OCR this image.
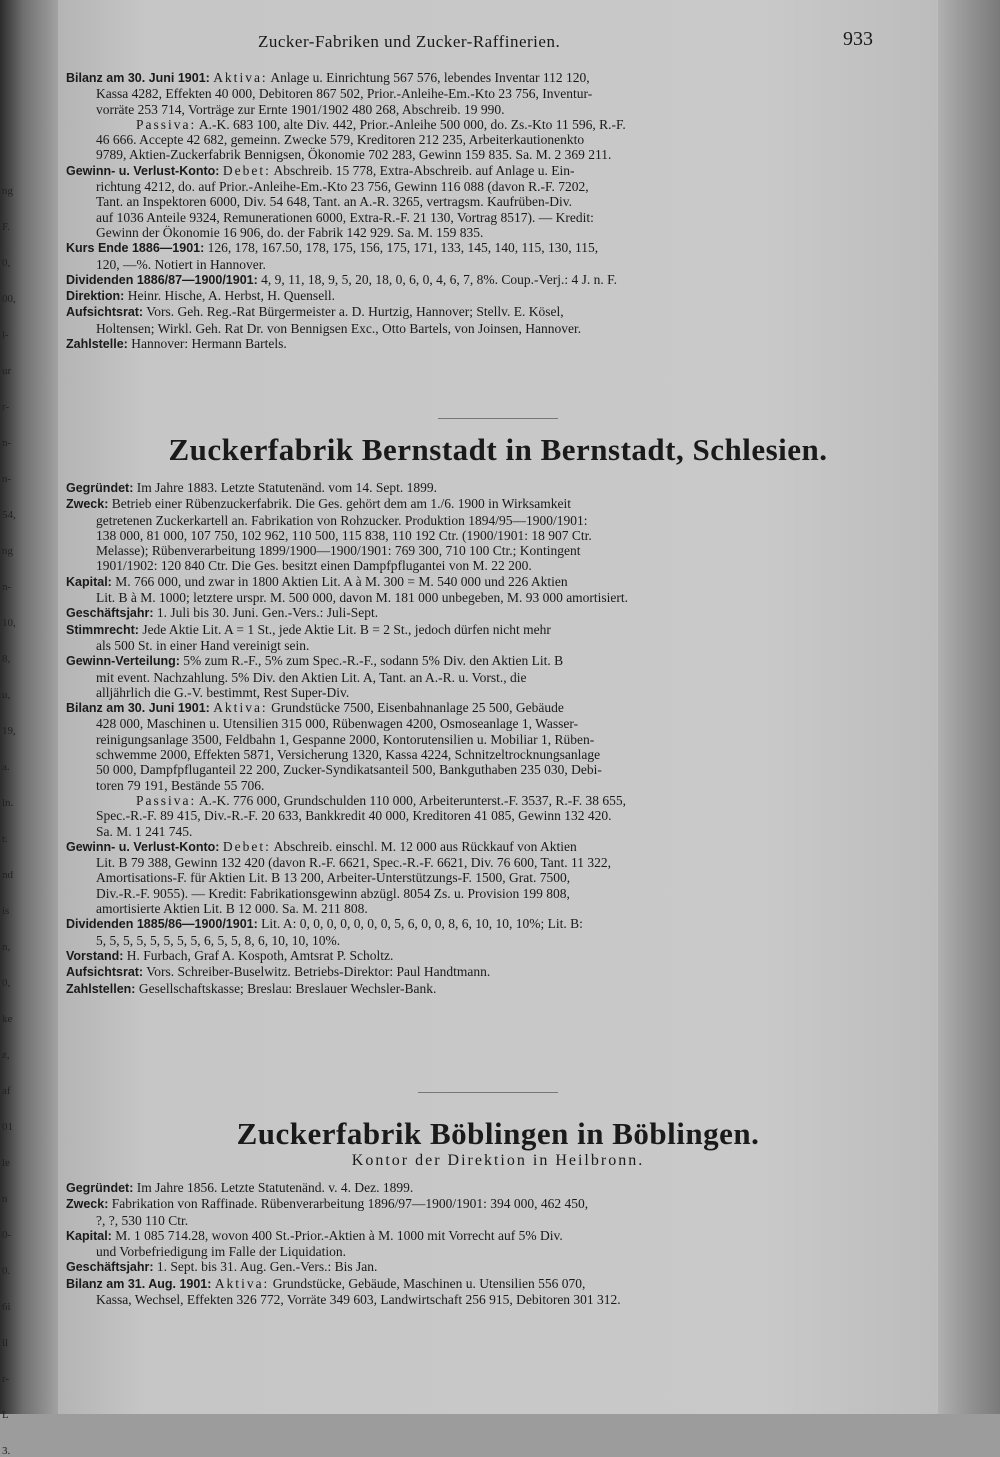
ng
F.
0,
00,
l-
ur
r-
n-
n-
54,
ng
n-
10,
8,
u,
19,
a.
ln.
r.
nd
is
n,
0,
ke
z,
af
01
le
n
0-
0.
6i
il
r-
L
3.
Zucker-Fabriken und Zucker-Raffinerien.	933

Bilanz am 30. Juni 1901: Aktiva: Anlage u. Einrichtung 567 576, lebendes Inventar 112 120,

Kassa 4282, Effekten 40 000, Debitoren 867 502, Prior.-Anleihe-Em.-Kto 23 756, Inventur-

vorräte 253 714, Vorträge zur Ernte 1901/1902 480 268, Abschreib. 19 990.

Passiva: A.-K. 683 100, alte Div. 442, Prior.-Anleihe 500 000, do. Zs.-Kto 11 596, R.-F.

46 666. Accepte 42 682, gemeinn. Zwecke 579, Kreditoren 212 235, Arbeiterkautionenkto

9789, Aktien-Zuckerfabrik Bennigsen, Ökonomie 702 283, Gewinn 159 835. Sa. M. 2 369 211.

Gewinn- u. Verlust-Konto: Debet: Abschreib. 15 778, Extra-Abschreib. auf Anlage u. Ein-

richtung 4212, do. auf Prior.-Anleihe-Em.-Kto 23 756, Gewinn 116 088 (davon R.-F. 7202,

Tant. an Inspektoren 6000, Div. 54 648, Tant. an A.-R. 3265, vertragsm. Kaufrüben-Div.

auf 1036 Anteile 9324, Remunerationen 6000, Extra-R.-F. 21 130, Vortrag 8517). — Kredit:

Gewinn der Ökonomie 16 906, do. der Fabrik 142 929. Sa. M. 159 835.

Kurs Ende 1886—1901: 126, 178, 167.50, 178, 175, 156, 175, 171, 133, 145, 140, 115, 130, 115,

120, —%. Notiert in Hannover.

Dividenden 1886/87—1900/1901: 4, 9, 11, 18, 9, 5, 20, 18, 0, 6, 0, 4, 6, 7, 8%. Coup.-Verj.: 4 J. n. F.

Direktion: Heinr. Hische, A. Herbst, H. Quensell.

Aufsichtsrat: Vors. Geh. Reg.-Rat Bürgermeister a. D. Hurtzig, Hannover; Stellv. E. Kösel,

Holtensen; Wirkl. Geh. Rat Dr. von Bennigsen Exc., Otto Bartels, von Joinsen, Hannover.

Zahlstelle: Hannover: Hermann Bartels.

Zuckerfabrik Bernstadt in Bernstadt, Schlesien.

Gegründet: Im Jahre 1883. Letzte Statutenänd. vom 14. Sept. 1899.

Zweck: Betrieb einer Rübenzuckerfabrik. Die Ges. gehört dem am 1./6. 1900 in Wirksamkeit

getretenen Zuckerkartell an. Fabrikation von Rohzucker. Produktion 1894/95—1900/1901:

138 000, 81 000, 107 750, 102 962, 110 500, 115 838, 110 192 Ctr. (1900/1901: 18 907 Ctr.

Melasse); Rübenverarbeitung 1899/1900—1900/1901: 769 300, 710 100 Ctr.; Kontingent

1901/1902: 120 840 Ctr. Die Ges. besitzt einen Dampfpflugantei von M. 22 200.

Kapital: M. 766 000, und zwar in 1800 Aktien Lit. A à M. 300 = M. 540 000 und 226 Aktien

Lit. B à M. 1000; letztere urspr. M. 500 000, davon M. 181 000 unbegeben, M. 93 000 amortisiert.

Geschäftsjahr: 1. Juli bis 30. Juni. Gen.-Vers.: Juli-Sept.

Stimmrecht: Jede Aktie Lit. A = 1 St., jede Aktie Lit. B = 2 St., jedoch dürfen nicht mehr

als 500 St. in einer Hand vereinigt sein.

Gewinn-Verteilung: 5% zum R.-F., 5% zum Spec.-R.-F., sodann 5% Div. den Aktien Lit. B

mit event. Nachzahlung. 5% Div. den Aktien Lit. A, Tant. an A.-R. u. Vorst., die

alljährlich die G.-V. bestimmt, Rest Super-Div.

Bilanz am 30. Juni 1901: Aktiva: Grundstücke 7500, Eisenbahnanlage 25 500, Gebäude

428 000, Maschinen u. Utensilien 315 000, Rübenwagen 4200, Osmoseanlage 1, Wasser-

reinigungsanlage 3500, Feldbahn 1, Gespanne 2000, Kontorutensilien u. Mobiliar 1, Rüben-

schwemme 2000, Effekten 5871, Versicherung 1320, Kassa 4224, Schnitzeltrocknungsanlage

50 000, Dampfpfluganteil 22 200, Zucker-Syndikatsanteil 500, Bankguthaben 235 030, Debi-

toren 79 191, Bestände 55 706.

Passiva: A.-K. 776 000, Grundschulden 110 000, Arbeiterunterst.-F. 3537, R.-F. 38 655,

Spec.-R.-F. 89 415, Div.-R.-F. 20 633, Bankkredit 40 000, Kreditoren 41 085, Gewinn 132 420.

Sa. M. 1 241 745.

Gewinn- u. Verlust-Konto: Debet: Abschreib. einschl. M. 12 000 aus Rückkauf von Aktien

Lit. B 79 388, Gewinn 132 420 (davon R.-F. 6621, Spec.-R.-F. 6621, Div. 76 600, Tant. 11 322,

Amortisations-F. für Aktien Lit. B 13 200, Arbeiter-Unterstützungs-F. 1500, Grat. 7500,

Div.-R.-F. 9055). — Kredit: Fabrikationsgewinn abzügl. 8054 Zs. u. Provision 199 808,

amortisierte Aktien Lit. B 12 000. Sa. M. 211 808.

Dividenden 1885/86—1900/1901: Lit. A: 0, 0, 0, 0, 0, 0, 0, 5, 6, 0, 0, 8, 6, 10, 10, 10%; Lit. B:

5, 5, 5, 5, 5, 5, 5, 5, 6, 5, 5, 8, 6, 10, 10, 10%.

Vorstand: H. Furbach, Graf A. Kospoth, Amtsrat P. Scholtz.

Aufsichtsrat: Vors. Schreiber-Buselwitz. Betriebs-Direktor: Paul Handtmann.

Zahlstellen: Gesellschaftskasse; Breslau: Breslauer Wechsler-Bank.

Zuckerfabrik Böblingen in Böblingen.
Kontor der Direktion in Heilbronn.

Gegründet: Im Jahre 1856. Letzte Statutenänd. v. 4. Dez. 1899.

Zweck: Fabrikation von Raffinade. Rübenverarbeitung 1896/97—1900/1901: 394 000, 462 450,

?, ?, 530 110 Ctr.

Kapital: M. 1 085 714.28, wovon 400 St.-Prior.-Aktien à M. 1000 mit Vorrecht auf 5% Div.

und Vorbefriedigung im Falle der Liquidation.

Geschäftsjahr: 1. Sept. bis 31. Aug. Gen.-Vers.: Bis Jan.

Bilanz am 31. Aug. 1901: Aktiva: Grundstücke, Gebäude, Maschinen u. Utensilien 556 070,

Kassa, Wechsel, Effekten 326 772, Vorräte 349 603, Landwirtschaft 256 915, Debitoren 301 312.
